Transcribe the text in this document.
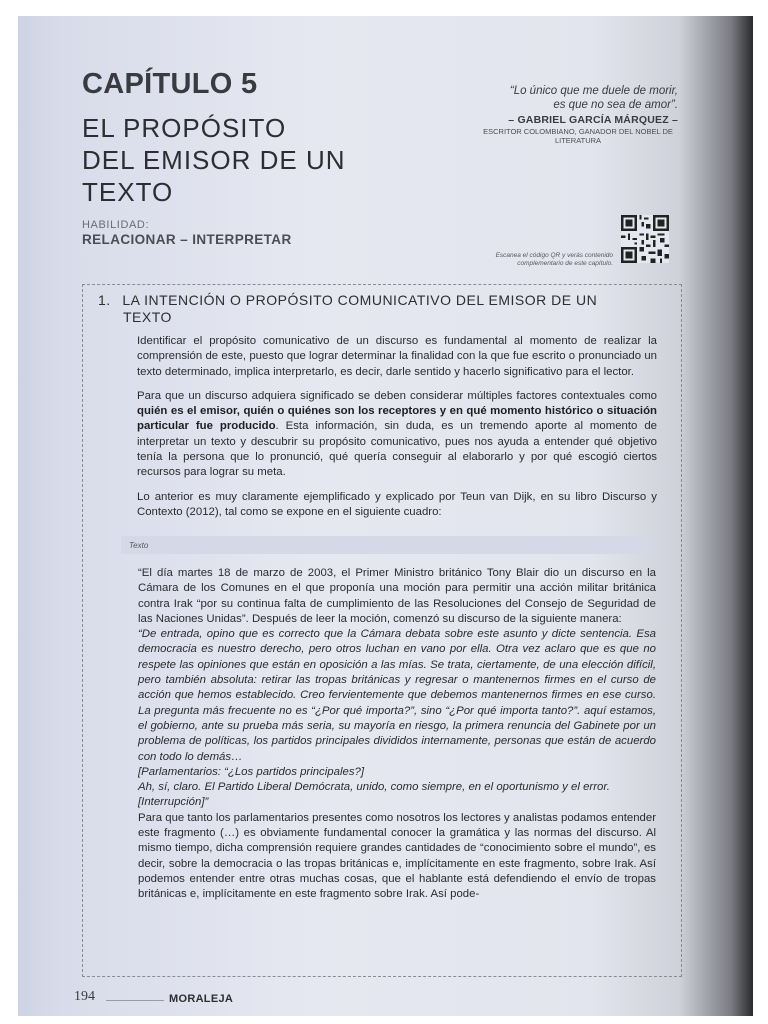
CAPÍTULO 5
EL PROPÓSITO
DEL EMISOR DE UN
TEXTO
HABILIDAD:
RELACIONAR – INTERPRETAR
“Lo único que me duele de morir,
es que no sea de amor”.
– GABRIEL GARCÍA MÁRQUEZ –
ESCRITOR COLOMBIANO, GANADOR DEL NOBEL DE LITERATURA
Escanea el código QR y verás contenido complementario de este capítulo.
1. LA INTENCIÓN O PROPÓSITO COMUNICATIVO DEL EMISOR DE UN
TEXTO

Identificar el propósito comunicativo de un discurso es fundamental al momento de realizar la comprensión de este, puesto que lograr determinar la finalidad con la que fue escrito o pronunciado un texto determinado, implica interpretarlo, es decir, darle sentido y hacerlo significativo para el lector.

Para que un discurso adquiera significado se deben considerar múltiples factores contextuales como quién es el emisor, quién o quiénes son los receptores y en qué momento histórico o situación particular fue producido. Esta información, sin duda, es un tremendo aporte al momento de interpretar un texto y descubrir su propósito comunicativo, pues nos ayuda a entender qué objetivo tenía la persona que lo pronunció, qué quería conseguir al elaborarlo y por qué escogió ciertos recursos para lograr su meta.

Lo anterior es muy claramente ejemplificado y explicado por Teun van Dijk, en su libro Discurso y Contexto (2012), tal como se expone en el siguiente cuadro:

Texto

“El día martes 18 de marzo de 2003, el Primer Ministro británico Tony Blair dio un discurso en la Cámara de los Comunes en el que proponía una moción para permitir una acción militar británica contra Irak “por su continua falta de cumplimiento de las Resoluciones del Consejo de Seguridad de las Naciones Unidas”. Después de leer la moción, comenzó su discurso de la siguiente manera:

“De entrada, opino que es correcto que la Cámara debata sobre este asunto y dicte sentencia. Esa democracia es nuestro derecho, pero otros luchan en vano por ella. Otra vez aclaro que es que no respete las opiniones que están en oposición a las mías. Se trata, ciertamente, de una elección difícil, pero también absoluta: retirar las tropas británicas y regresar o mantenernos firmes en el curso de acción que hemos establecido. Creo fervientemente que debemos mantenernos firmes en ese curso. La pregunta más frecuente no es “¿Por qué importa?”, sino “¿Por qué importa tanto?”. aquí estamos, el gobierno, ante su prueba más seria, su mayoría en riesgo, la primera renuncia del Gabinete por un problema de políticas, los partidos principales divididos internamente, personas que están de acuerdo con todo lo demás…

[Parlamentarios: “¿Los partidos principales?]

Ah, sí, claro. El Partido Liberal Demócrata, unido, como siempre, en el oportunismo y el error.

[Interrupción]”

Para que tanto los parlamentarios presentes como nosotros los lectores y analistas podamos entender este fragmento (…) es obviamente fundamental conocer la gramática y las normas del discurso. Al mismo tiempo, dicha comprensión requiere grandes cantidades de “conocimiento sobre el mundo”, es decir, sobre la democracia o las tropas británicas e, implícitamente en este fragmento, sobre Irak. Así podemos entender entre otras muchas cosas, que el hablante está defendiendo el envío de tropas británicas e, implícitamente en este fragmento sobre Irak. Así pode-

194	MORALEJA
